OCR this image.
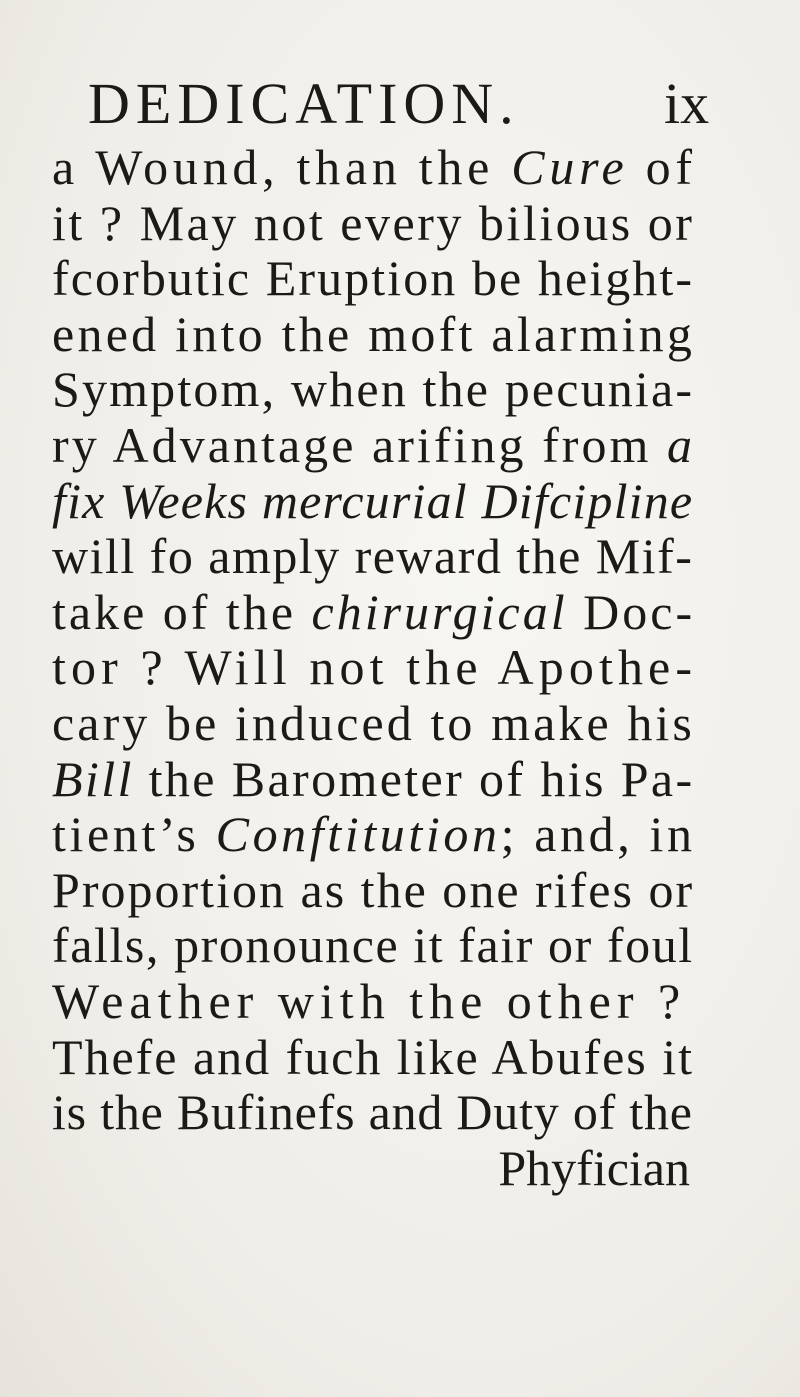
DEDICATION. ix
a Wound, than the Cure of
it ? May not every bilious or
fcorbutic Eruption be height-
ened into the moft alarming
Symptom, when the pecunia-
ry Advantage arifing from a
fix Weeks mercurial Difcipline
will fo amply reward the Mif-
take of the chirurgical Doc-
tor ? Will not the Apothe-
cary be induced to make his
Bill the Barometer of his Pa-
tient’s Conftitution; and, in
Proportion as the one rifes or
falls, pronounce it fair or foul
Weather with the other ?
Thefe and fuch like Abufes it
is the Bufinefs and Duty of the
Phyfician
